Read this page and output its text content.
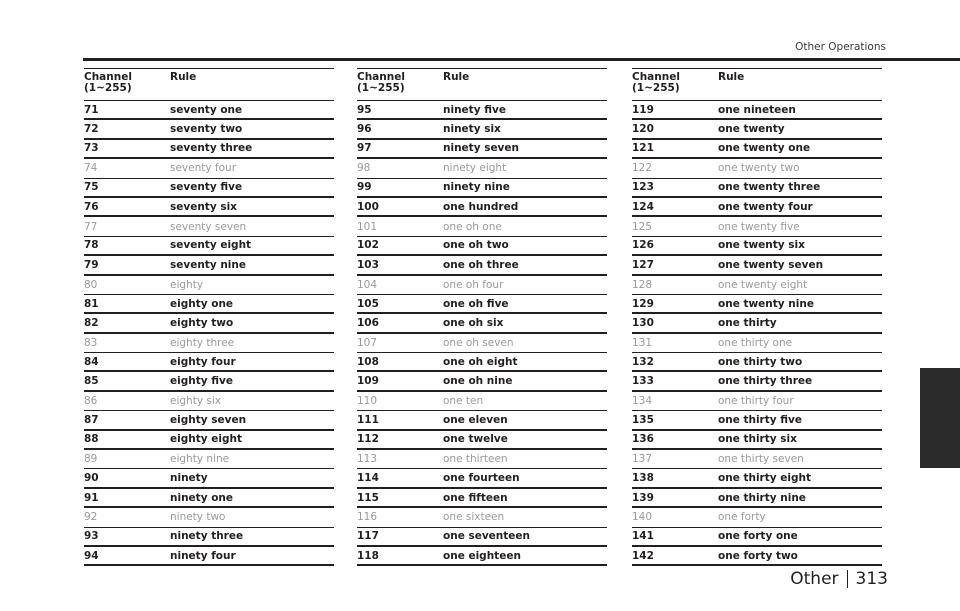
Other Operations
Channel
(1~255)
Rule
71	seventy one
72	seventy two
73	seventy three
74	seventy four
75	seventy five
76	seventy six
77	seventy seven
78	seventy eight
79	seventy nine
80	eighty
81	eighty one
82	eighty two
83	eighty three
84	eighty four
85	eighty five
86	eighty six
87	eighty seven
88	eighty eight
89	eighty nine
90	ninety
91	ninety one
92	ninety two
93	ninety three
94	ninety four
Channel
(1~255)
Rule
95	ninety five
96	ninety six
97	ninety seven
98	ninety eight
99	ninety nine
100	one hundred
101	one oh one
102	one oh two
103	one oh three
104	one oh four
105	one oh five
106	one oh six
107	one oh seven
108	one oh eight
109	one oh nine
110	one ten
111	one eleven
112	one twelve
113	one thirteen
114	one fourteen
115	one fifteen
116	one sixteen
117	one seventeen
118	one eighteen
Channel
(1~255)
Rule
119	one nineteen
120	one twenty
121	one twenty one
122	one twenty two
123	one twenty three
124	one twenty four
125	one twenty five
126	one twenty six
127	one twenty seven
128	one twenty eight
129	one twenty nine
130	one thirty
131	one thirty one
132	one thirty two
133	one thirty three
134	one thirty four
135	one thirty five
136	one thirty six
137	one thirty seven
138	one thirty eight
139	one thirty nine
140	one forty
141	one forty one
142	one forty two
Other 313
